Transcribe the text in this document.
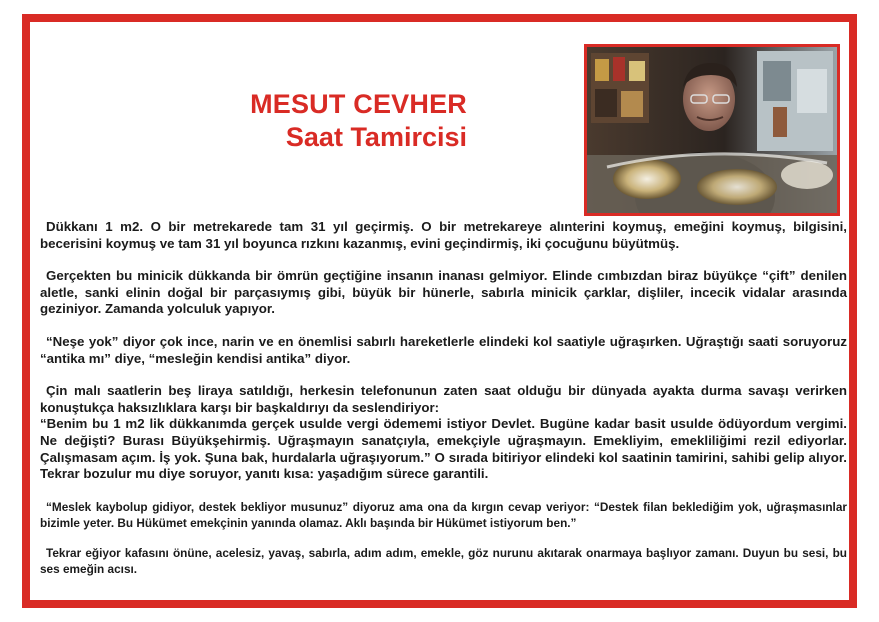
MESUT CEVHER
Saat Tamircisi

Dükkanı 1 m2. O bir metrekarede tam 31 yıl geçirmiş. O bir metrekareye alınterini koymuş, emeğini koymuş, bilgisini, becerisini koymuş ve tam 31 yıl boyunca rızkını kazanmış, evini geçindirmiş, iki çocuğunu büyütmüş.

Gerçekten bu minicik dükkanda bir ömrün geçtiğine insanın inanası gelmiyor. Elinde cımbızdan biraz büyükçe “çift” denilen aletle, sanki elinin doğal bir parçasıymış gibi, büyük bir hünerle, sabırla minicik çarklar, dişliler, incecik vidalar arasında geziniyor. Zamanda yolculuk yapıyor.

“Neşe yok” diyor çok ince, narin ve en önemlisi sabırlı hareketlerle elindeki kol saatiyle uğraşırken. Uğraştığı saati soruyoruz “antika mı” diye, “mesleğin kendisi antika” diyor.

Çin malı saatlerin beş liraya satıldığı, herkesin telefonunun zaten saat olduğu bir dünyada ayakta durma savaşı verirken konuştukça haksızlıklara karşı bir başkaldırıyı da seslendiriyor:

“Benim bu 1 m2 lik dükkanımda gerçek usulde vergi ödememi istiyor Devlet. Bugüne kadar basit usulde ödüyordum vergimi. Ne değişti? Burası Büyükşehirmiş. Uğraşmayın sanatçıyla, emekçiyle uğraşmayın. Emekliyim, emekliliğimi rezil ediyorlar. Çalışmasam açım. İş yok. Şuna bak, hurdalarla uğraşıyorum.” O sırada bitiriyor elindeki kol saatinin tamirini, sahibi gelip alıyor. Tekrar bozulur mu diye soruyor, yanıtı kısa: yaşadığım sürece garantili.

“Meslek kaybolup gidiyor, destek bekliyor musunuz” diyoruz ama ona da kırgın cevap veriyor: “Destek filan beklediğim yok, uğraşmasınlar bizimle yeter. Bu Hükümet emekçinin yanında olamaz. Aklı başında bir Hükümet istiyorum ben.”

Tekrar eğiyor kafasını önüne, acelesiz, yavaş, sabırla, adım adım, emekle, göz nurunu akıtarak onarmaya başlıyor zamanı. Duyun bu sesi, bu ses emeğin acısı.
